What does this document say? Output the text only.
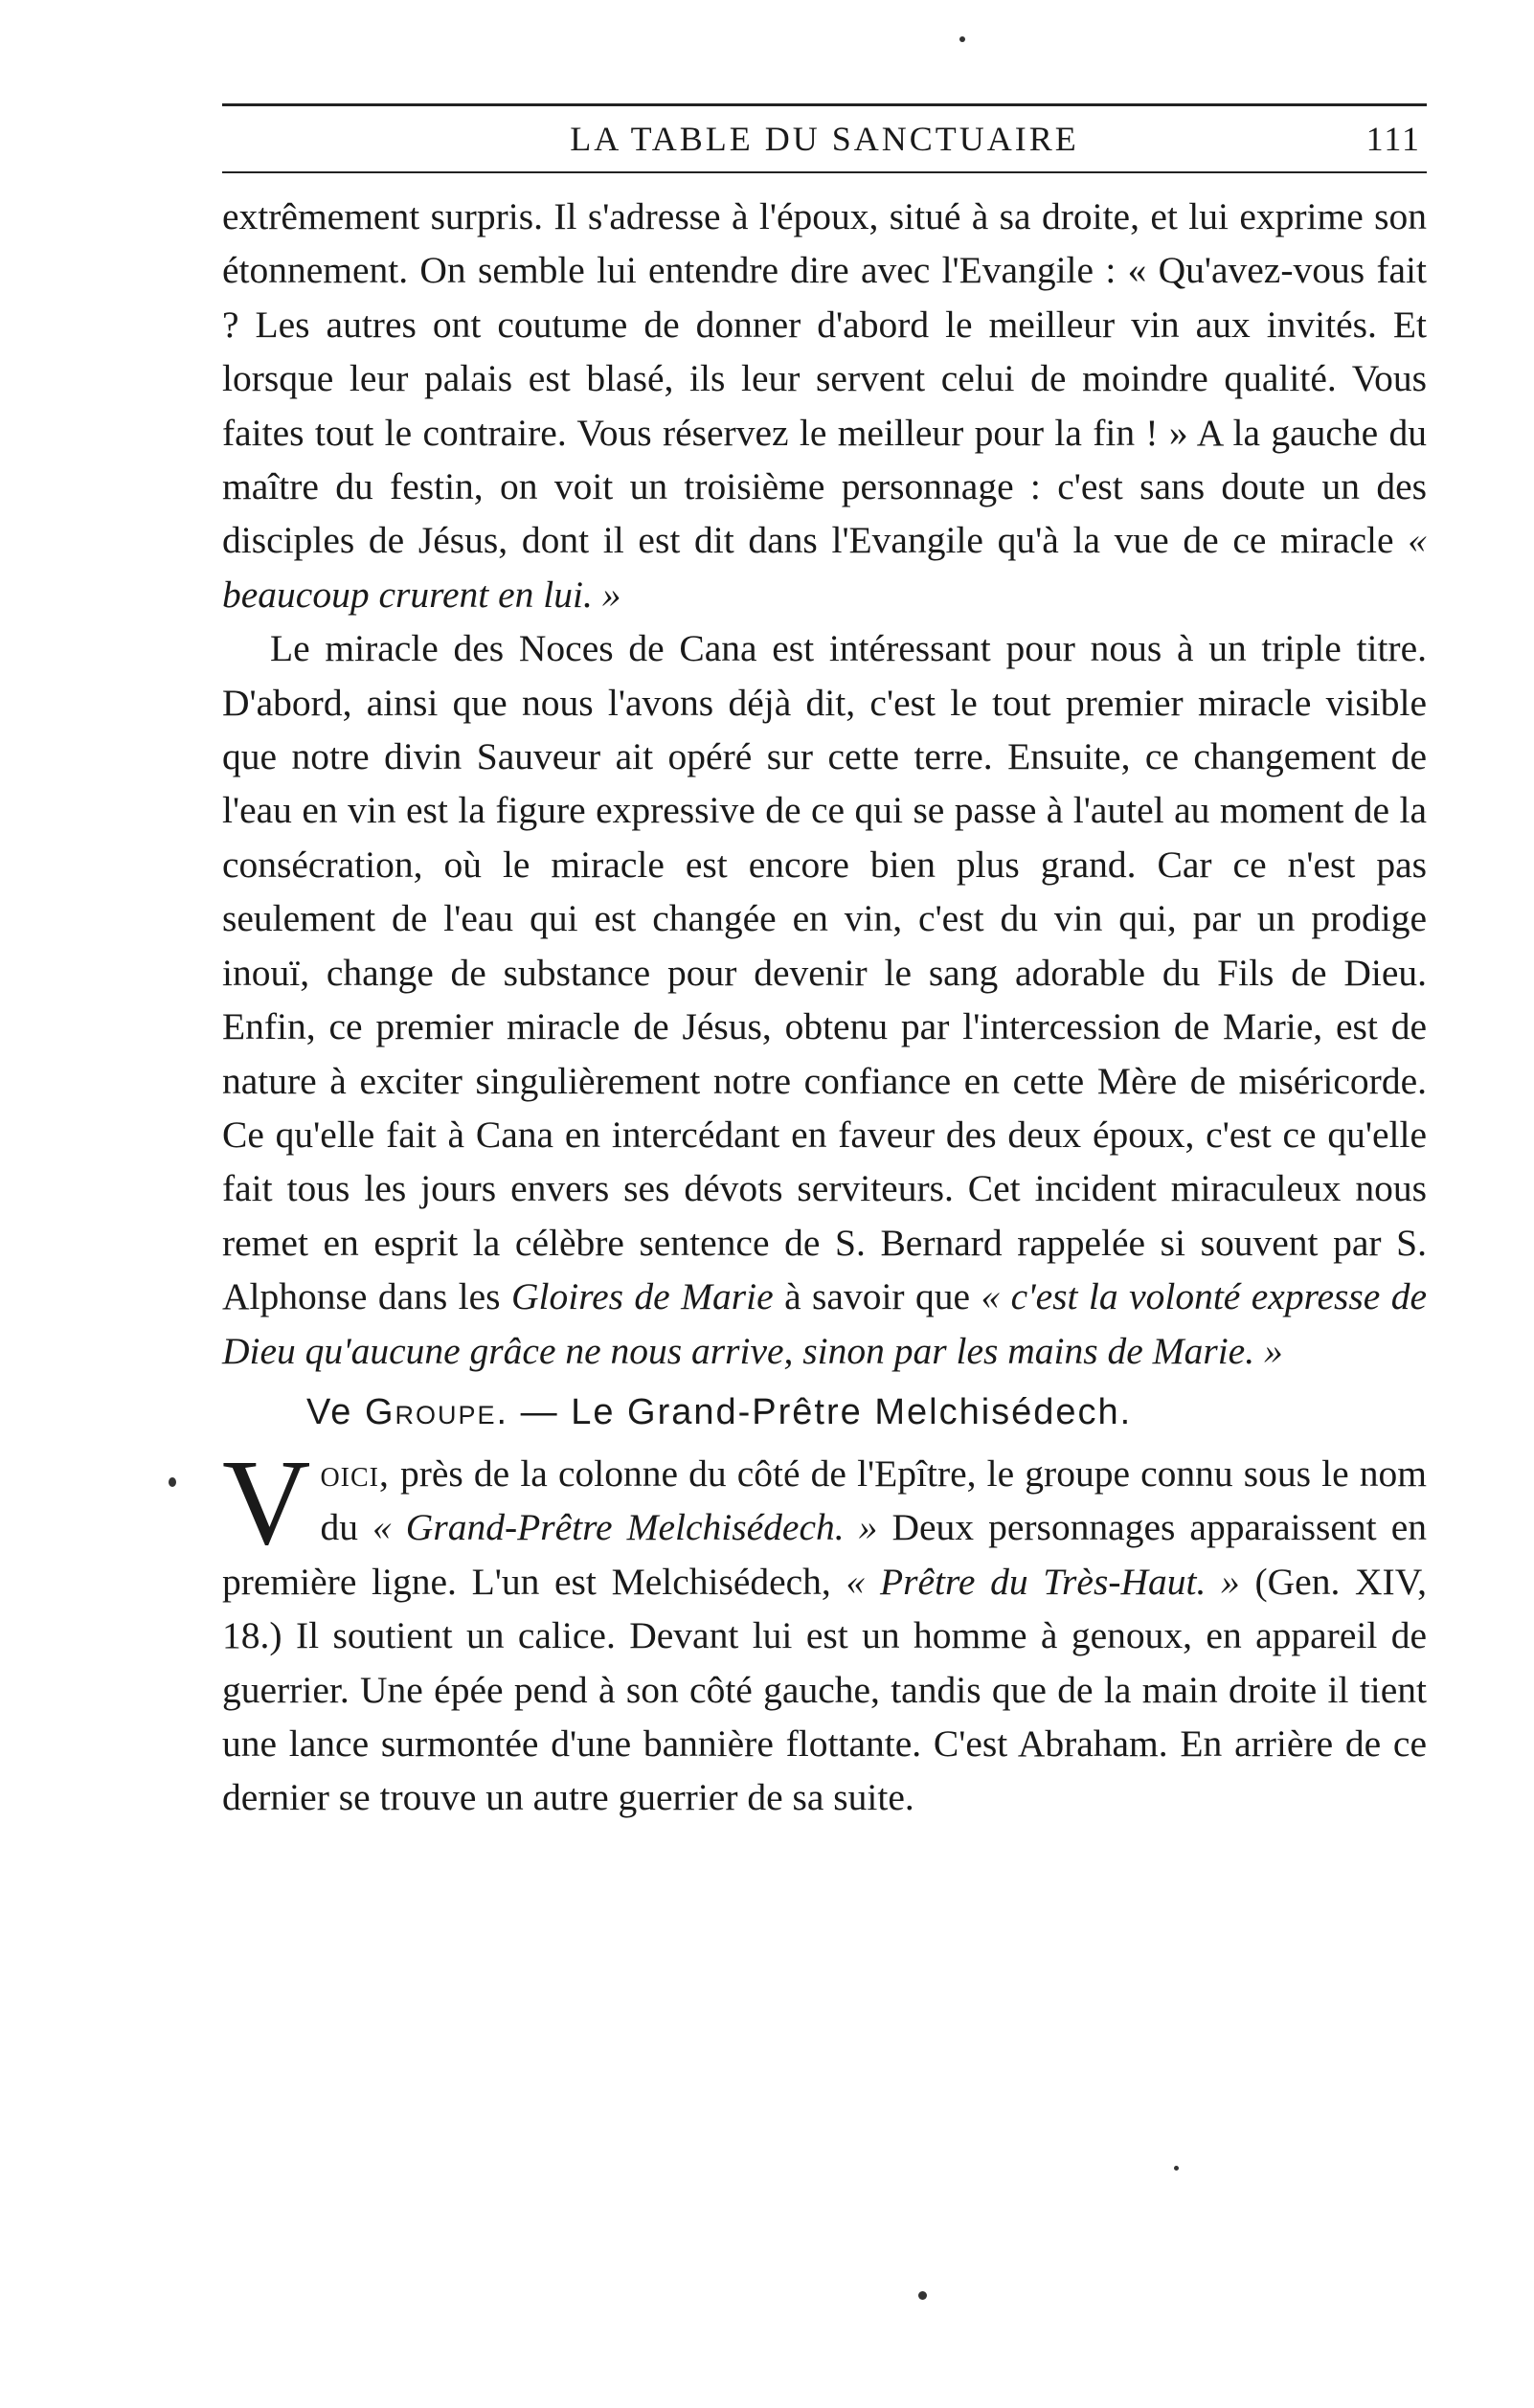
LA TABLE DU SANCTUAIRE	111

extrêmement surpris. Il s'adresse à l'époux, situé à sa droite, et lui exprime son étonnement. On semble lui entendre dire avec l'Evangile : « Qu'avez-vous fait ? Les autres ont coutume de donner d'abord le meilleur vin aux invités. Et lorsque leur palais est blasé, ils leur servent celui de moindre qualité. Vous faites tout le contraire. Vous réservez le meilleur pour la fin ! » A la gauche du maître du festin, on voit un troisième personnage : c'est sans doute un des disciples de Jésus, dont il est dit dans l'Evangile qu'à la vue de ce miracle « beaucoup crurent en lui. »

Le miracle des Noces de Cana est intéressant pour nous à un triple titre. D'abord, ainsi que nous l'avons déjà dit, c'est le tout premier miracle visible que notre divin Sauveur ait opéré sur cette terre. Ensuite, ce changement de l'eau en vin est la figure expressive de ce qui se passe à l'autel au moment de la consécration, où le miracle est encore bien plus grand. Car ce n'est pas seulement de l'eau qui est changée en vin, c'est du vin qui, par un prodige inouï, change de substance pour devenir le sang adorable du Fils de Dieu. Enfin, ce premier miracle de Jésus, obtenu par l'intercession de Marie, est de nature à exciter singulièrement notre confiance en cette Mère de miséricorde. Ce qu'elle fait à Cana en intercédant en faveur des deux époux, c'est ce qu'elle fait tous les jours envers ses dévots serviteurs. Cet incident miraculeux nous remet en esprit la célèbre sentence de S. Bernard rappelée si souvent par S. Alphonse dans les Gloires de Marie à savoir que « c'est la volonté expresse de Dieu qu'aucune grâce ne nous arrive, sinon par les mains de Marie. »

Ve Groupe. — Le Grand-Prêtre Melchisédech.

Voici, près de la colonne du côté de l'Epître, le groupe connu sous le nom du « Grand-Prêtre Melchisédech. » Deux personnages apparaissent en première ligne. L'un est Melchisédech, « Prêtre du Très-Haut. » (Gen. XIV, 18.) Il soutient un calice. Devant lui est un homme à genoux, en appareil de guerrier. Une épée pend à son côté gauche, tandis que de la main droite il tient une lance surmontée d'une bannière flottante. C'est Abraham. En arrière de ce dernier se trouve un autre guerrier de sa suite.
